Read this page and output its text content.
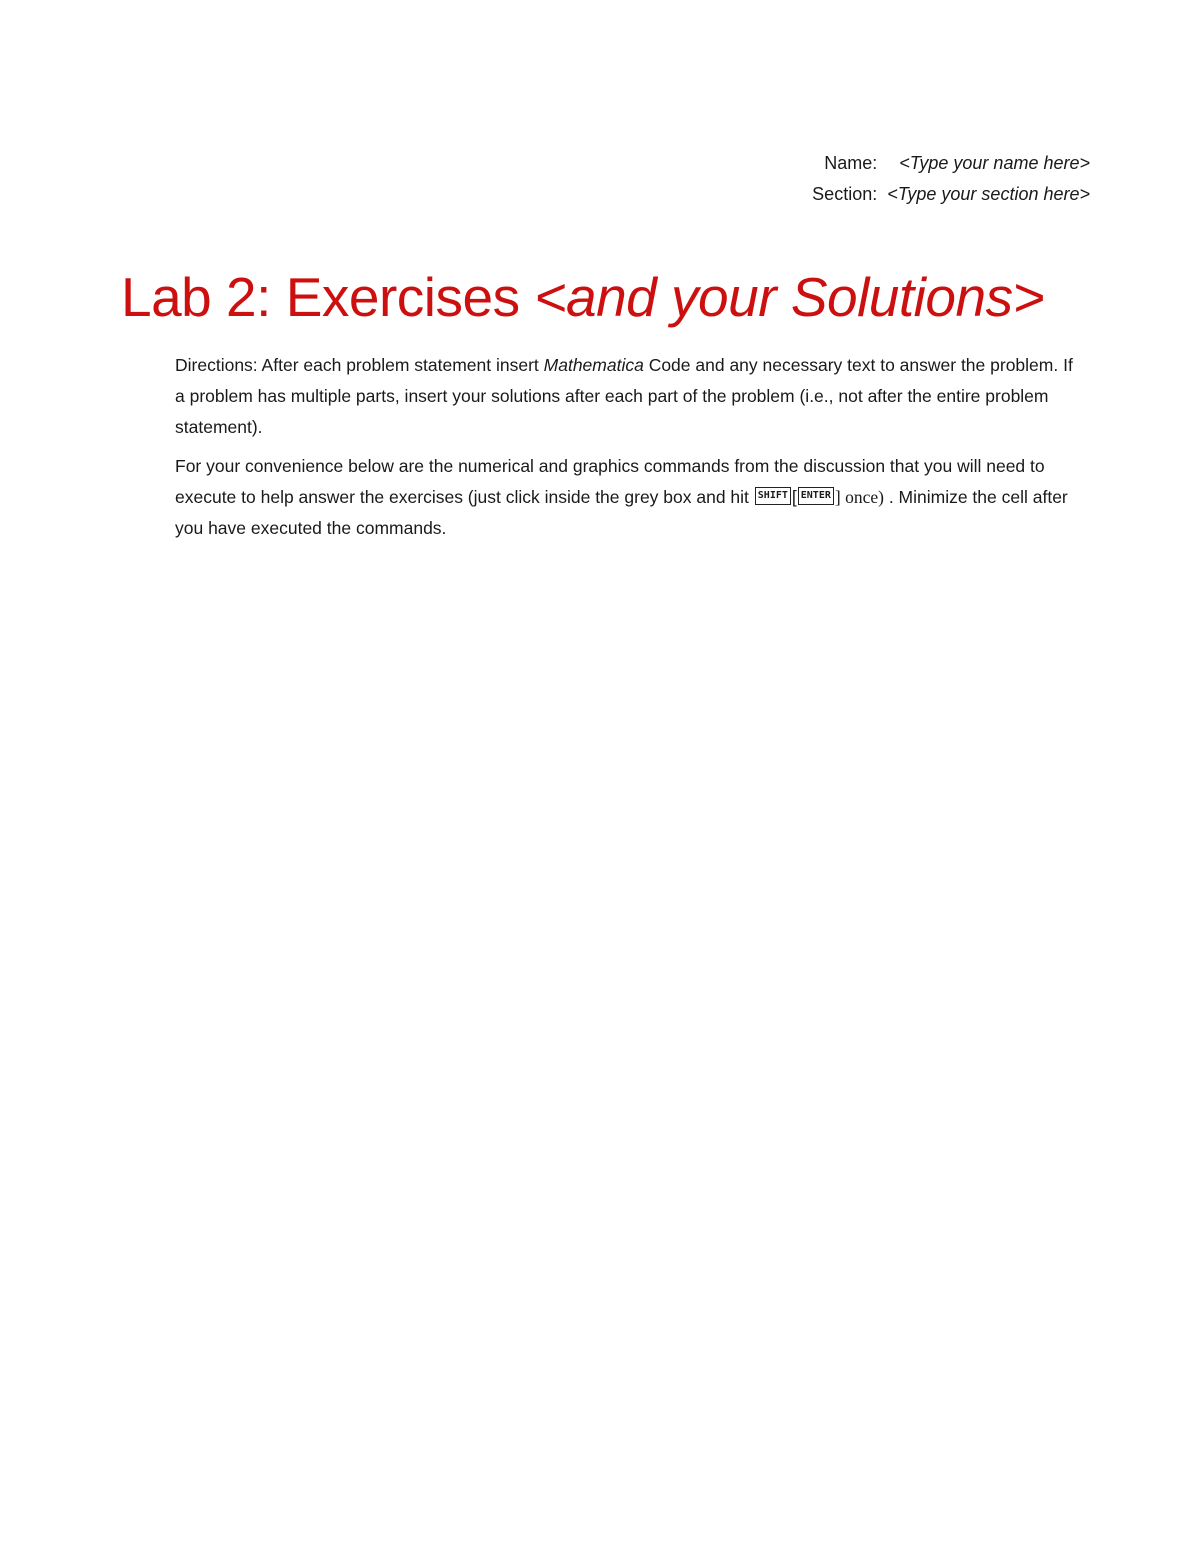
Name: <Type your name here>
Section: <Type your section here>
Lab 2: Exercises <and your Solutions>

Directions: After each problem statement insert Mathematica Code and any necessary text to answer the problem. If a problem has multiple parts, insert your solutions after each part of the problem (i.e., not after the entire problem statement).

For your convenience below are the numerical and graphics commands from the discussion that you will need to execute to help answer the exercises (just click inside the grey box and hit SHIFT [ ENTER ] once) . Minimize the cell after you have executed the commands.
